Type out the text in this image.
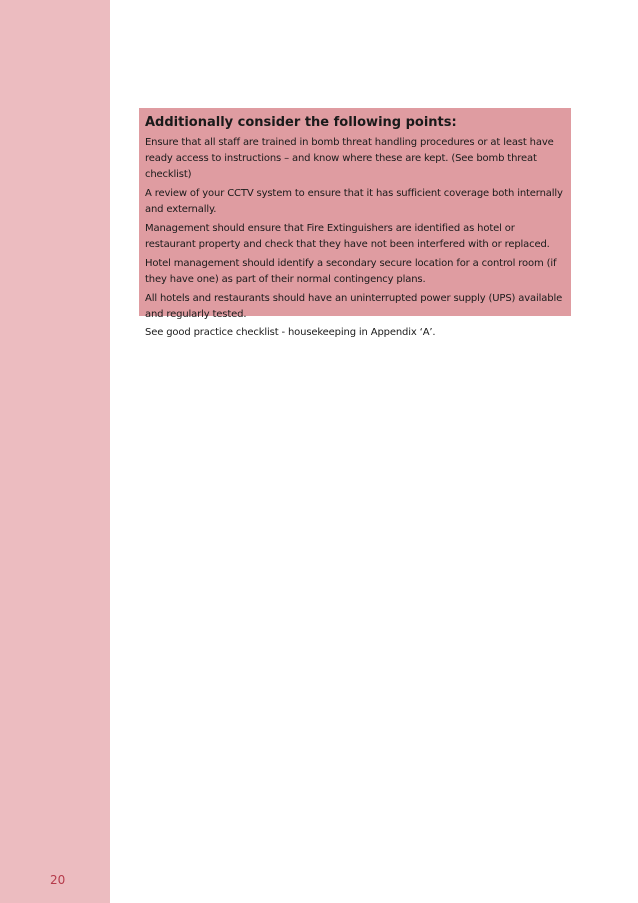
20
Additionally consider the following points:

Ensure that all staff are trained in bomb threat handling procedures or at least have ready access to instructions – and know where these are kept. (See bomb threat checklist)

A review of your CCTV system to ensure that it has sufficient coverage both internally and externally.

Management should ensure that Fire Extinguishers are identified as hotel or restaurant property and check that they have not been interfered with or replaced.

Hotel management should identify a secondary secure location for a control room (if they have one) as part of their normal contingency plans.

All hotels and restaurants should have an uninterrupted power supply (UPS) available and regularly tested.

See good practice checklist - housekeeping in Appendix ‘A’.
